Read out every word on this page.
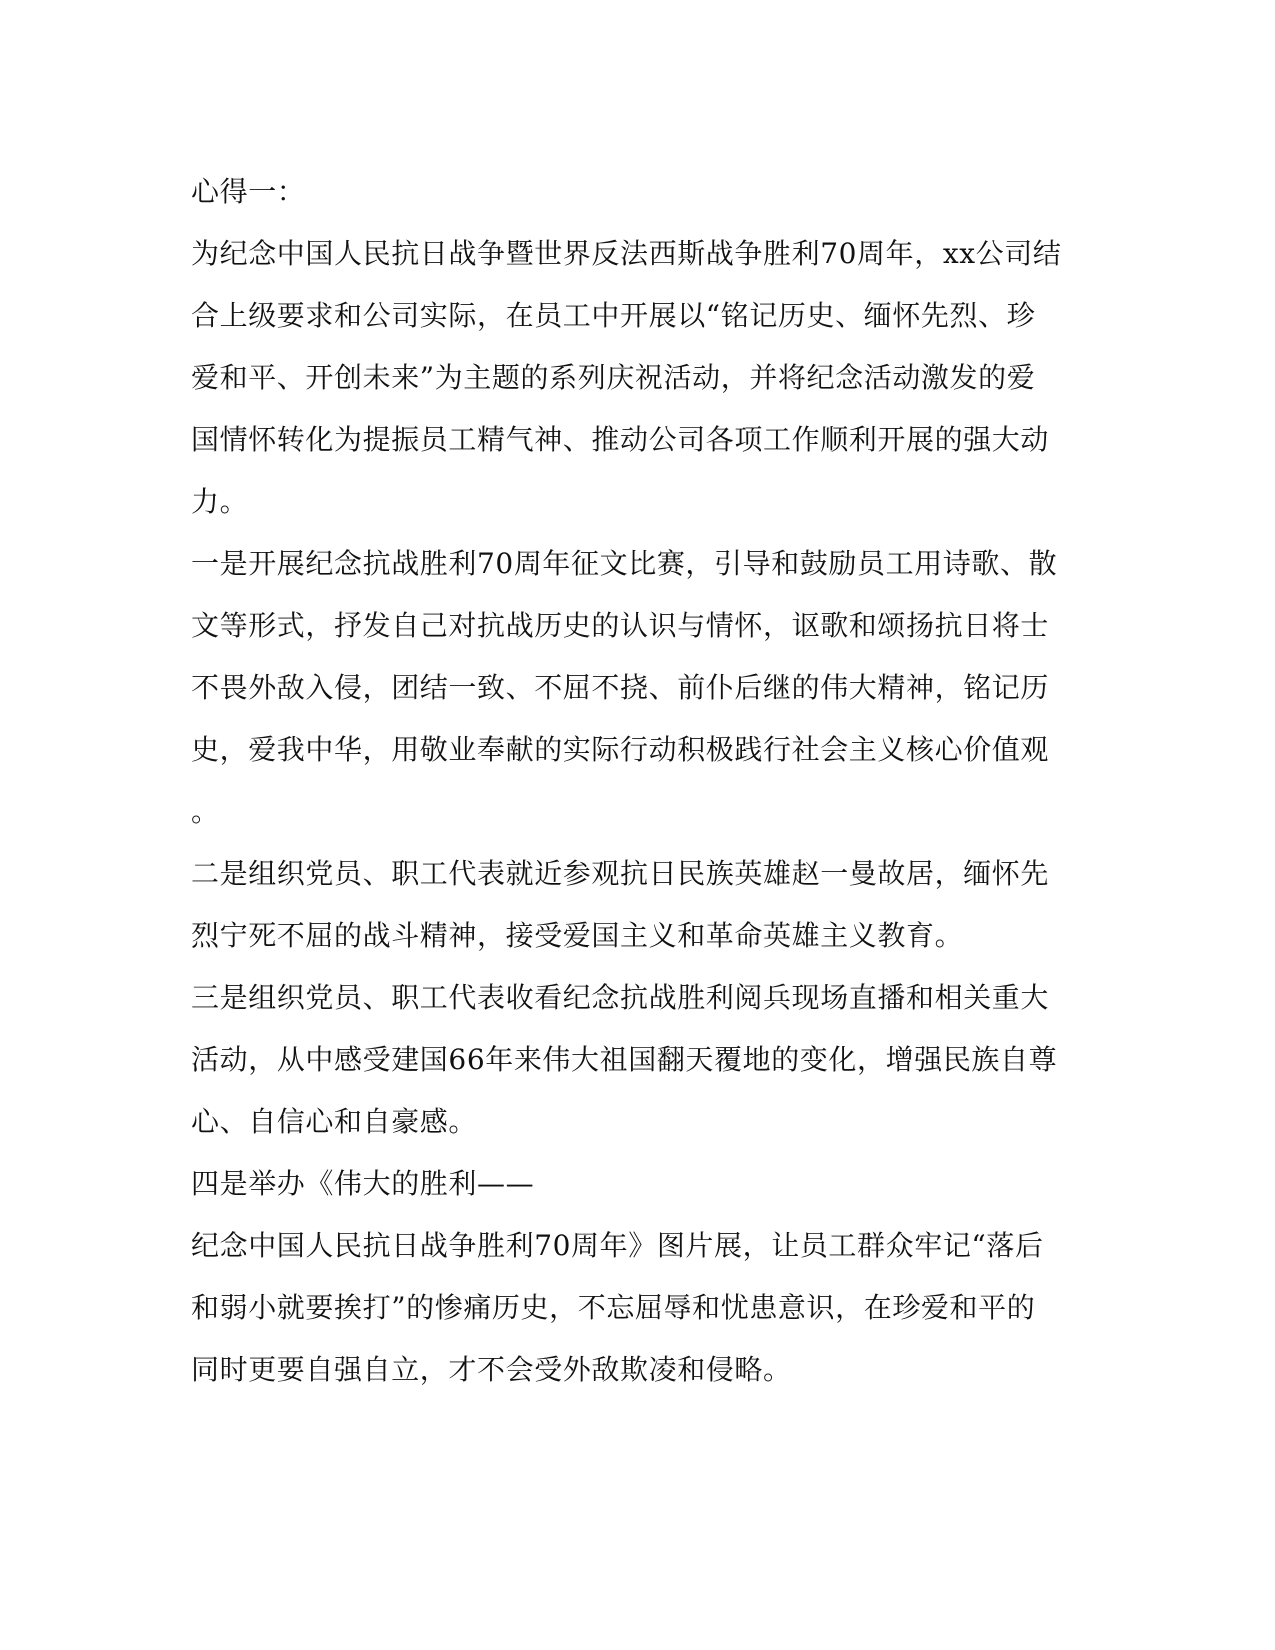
心得一：
为纪念中国人民抗日战争暨世界反法西斯战争胜利70周年，xx公司结
合上级要求和公司实际，在员工中开展以“铭记历史、缅怀先烈、珍
爱和平、开创未来”为主题的系列庆祝活动，并将纪念活动激发的爱
国情怀转化为提振员工精气神、推动公司各项工作顺利开展的强大动
力。
一是开展纪念抗战胜利70周年征文比赛，引导和鼓励员工用诗歌、散
文等形式，抒发自己对抗战历史的认识与情怀，讴歌和颂扬抗日将士
不畏外敌入侵，团结一致、不屈不挠、前仆后继的伟大精神，铭记历
史，爱我中华，用敬业奉献的实际行动积极践行社会主义核心价值观
。
二是组织党员、职工代表就近参观抗日民族英雄赵一曼故居，缅怀先
烈宁死不屈的战斗精神，接受爱国主义和革命英雄主义教育。
三是组织党员、职工代表收看纪念抗战胜利阅兵现场直播和相关重大
活动，从中感受建国66年来伟大祖国翻天覆地的变化，增强民族自尊
心、自信心和自豪感。
四是举办《伟大的胜利——
纪念中国人民抗日战争胜利70周年》图片展，让员工群众牢记“落后
和弱小就要挨打”的惨痛历史，不忘屈辱和忧患意识，在珍爱和平的
同时更要自强自立，才不会受外敌欺凌和侵略。
